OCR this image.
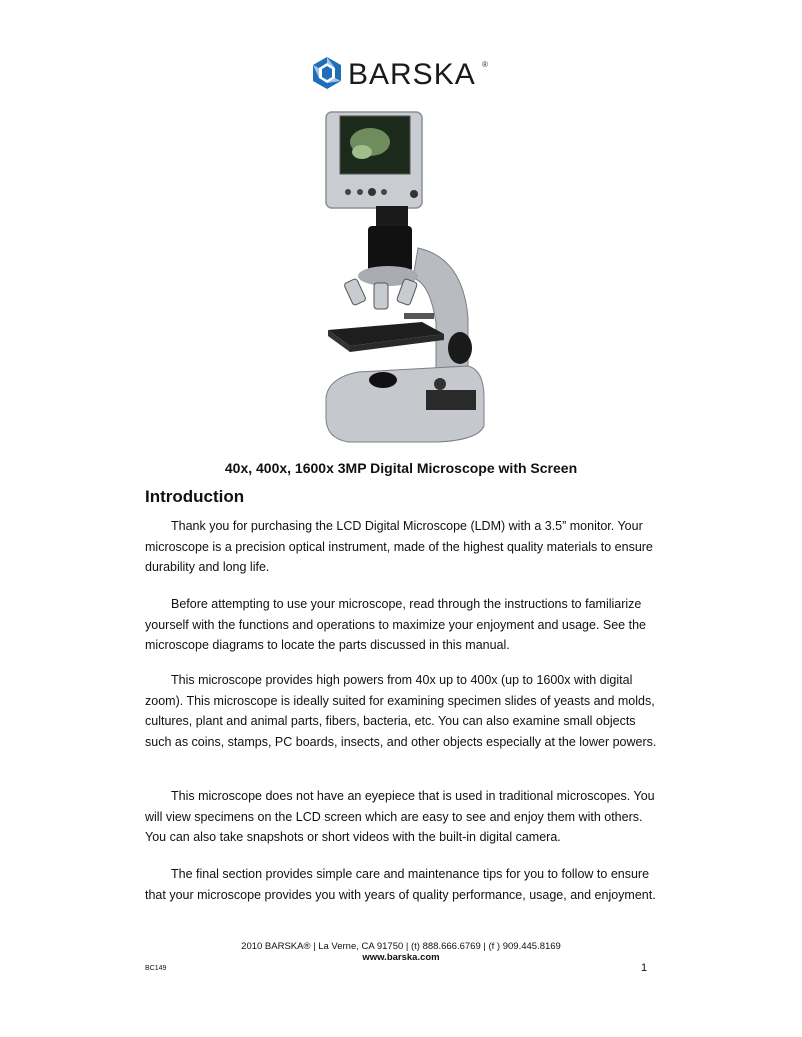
BARSKA ®
40x, 400x, 1600x 3MP Digital Microscope with Screen
Introduction

Thank you for purchasing the LCD Digital Microscope (LDM) with a 3.5” monitor. Your microscope is a precision optical instrument, made of the highest quality materials to ensure durability and long life.

Before attempting to use your microscope, read through the instructions to familiarize yourself with the functions and operations to maximize your enjoyment and usage. See the microscope diagrams to locate the parts discussed in this manual.

This microscope provides high powers from 40x up to 400x (up to 1600x with digital zoom). This microscope is ideally suited for examining specimen slides of yeasts and molds, cultures, plant and animal parts, fibers, bacteria, etc. You can also examine small objects such as coins, stamps, PC boards, insects, and other objects especially at the lower powers.

This microscope does not have an eyepiece that is used in traditional microscopes. You will view specimens on the LCD screen which are easy to see and enjoy them with others. You can also take snapshots or short videos with the built-in digital camera.

The final section provides simple care and maintenance tips for you to follow to ensure that your microscope provides you with years of quality performance, usage, and enjoyment.

2010 BARSKA® | La Verne, CA 91750 | (t) 888.666.6769 | (f ) 909.445.8169
www.barska.com
BC149	1
